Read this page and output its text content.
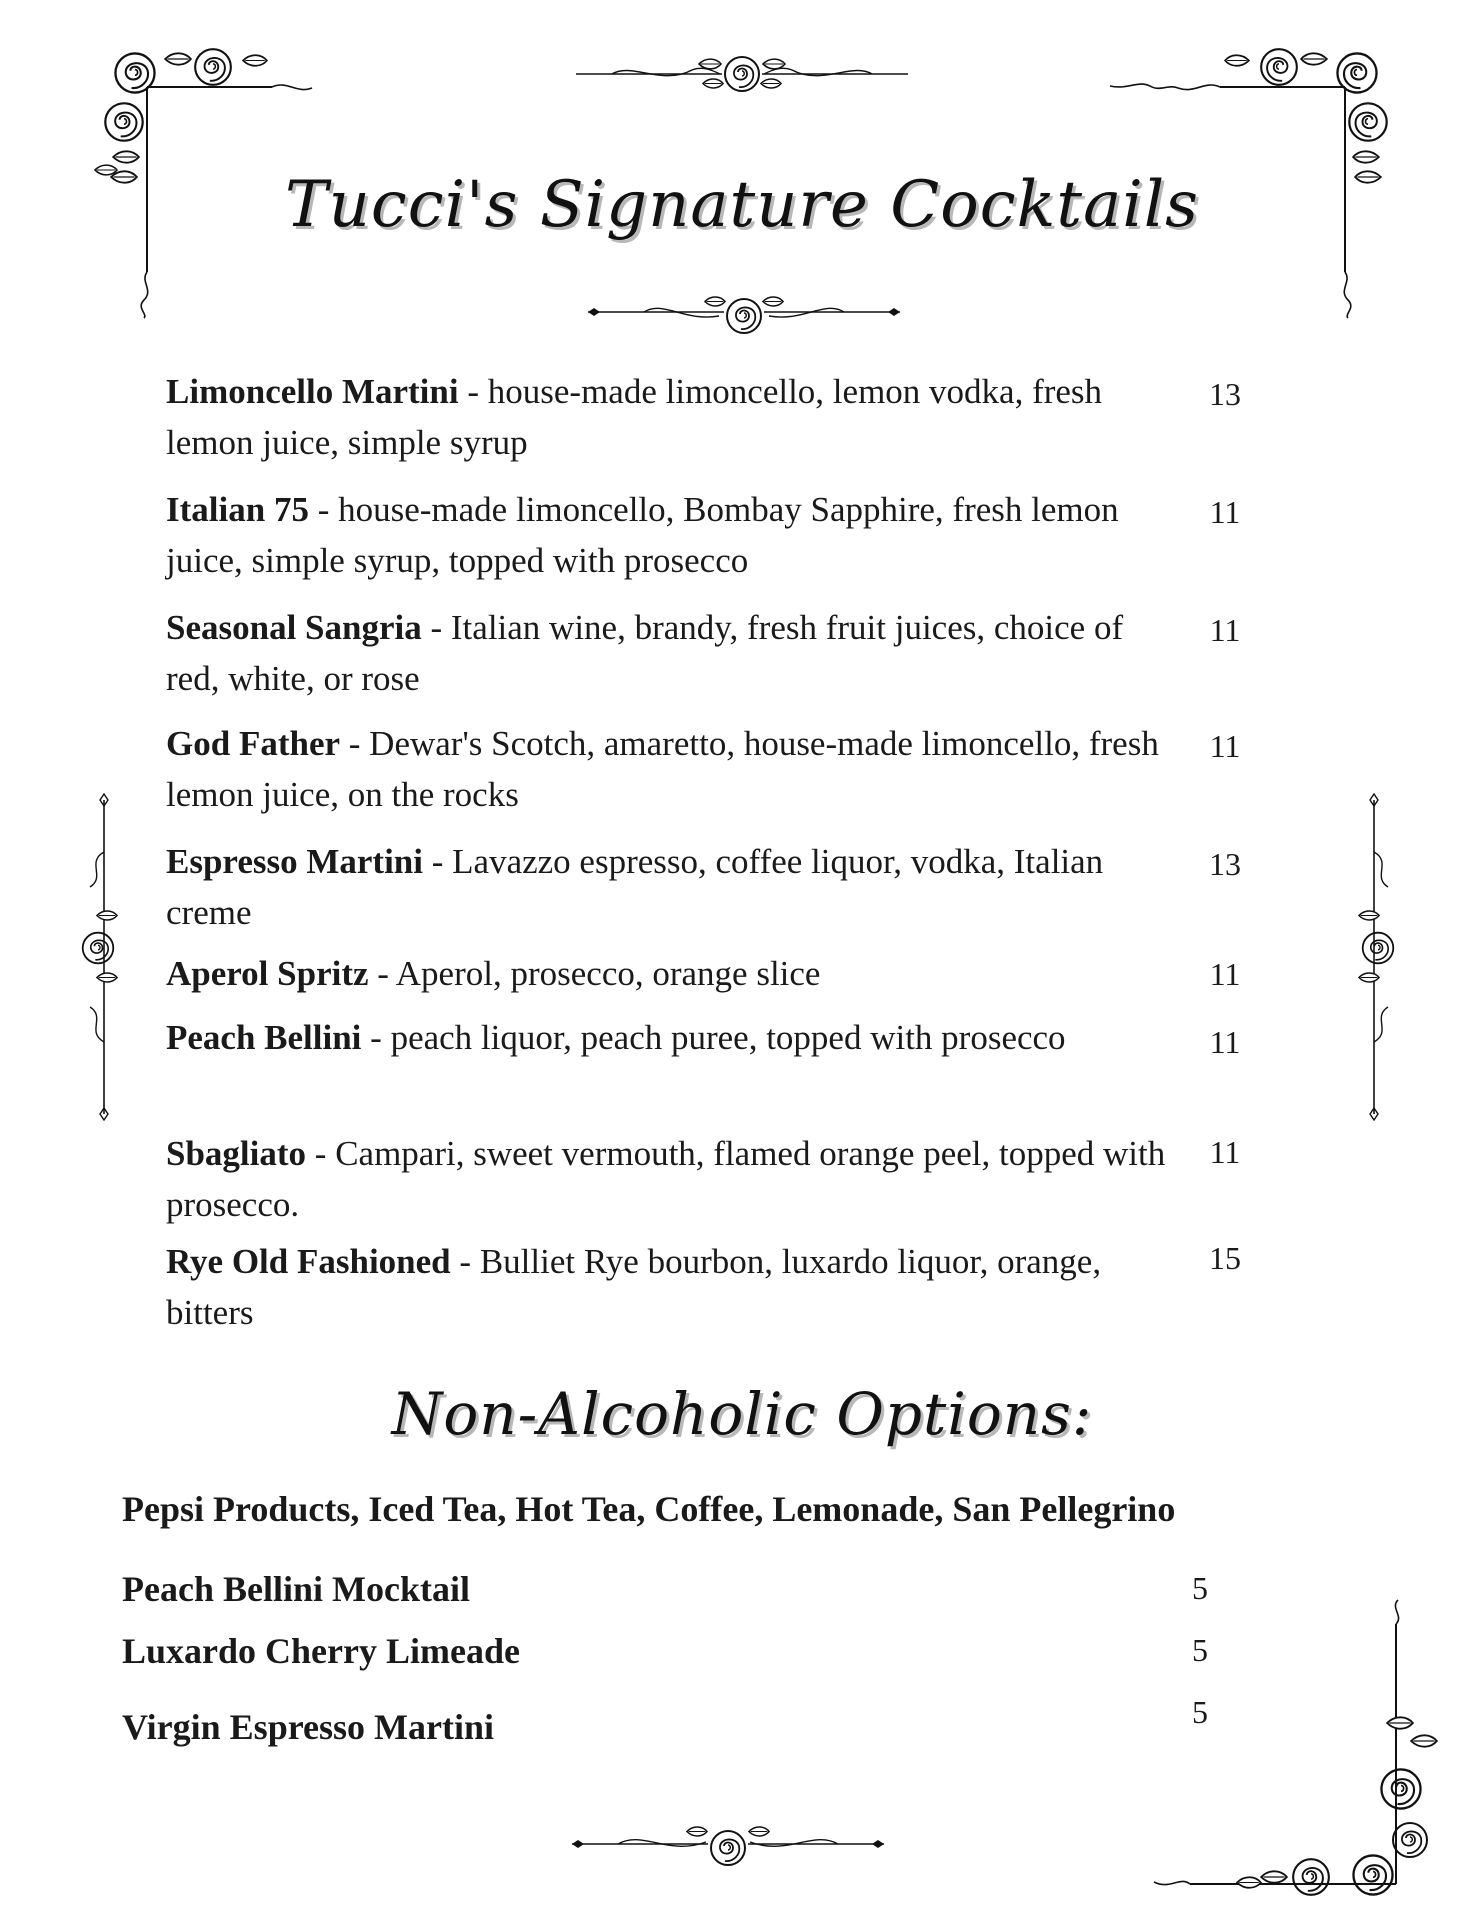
Tucci's Signature Cocktails
Limoncello Martini - house-made limoncello, lemon vodka, fresh lemon juice, simple syrup
13
Italian 75 - house-made limoncello, Bombay Sapphire, fresh lemon juice, simple syrup, topped with prosecco
11
Seasonal Sangria - Italian wine, brandy, fresh fruit juices, choice of red, white, or rose
11
God Father - Dewar's Scotch, amaretto, house-made limoncello, fresh lemon juice, on the rocks
11
Espresso Martini - Lavazzo espresso, coffee liquor, vodka, Italian creme
13
Aperol Spritz - Aperol, prosecco, orange slice	11
Peach Bellini - peach liquor, peach puree, topped with prosecco	11
Sbagliato - Campari, sweet vermouth, flamed orange peel, topped with prosecco.
11
Rye Old Fashioned - Bulliet Rye bourbon, luxardo liquor, orange, bitters
15
Non-Alcoholic Options:
Pepsi Products, Iced Tea, Hot Tea, Coffee, Lemonade, San Pellegrino
Peach Bellini Mocktail	5
Luxardo Cherry Limeade	5
Virgin Espresso Martini	5
